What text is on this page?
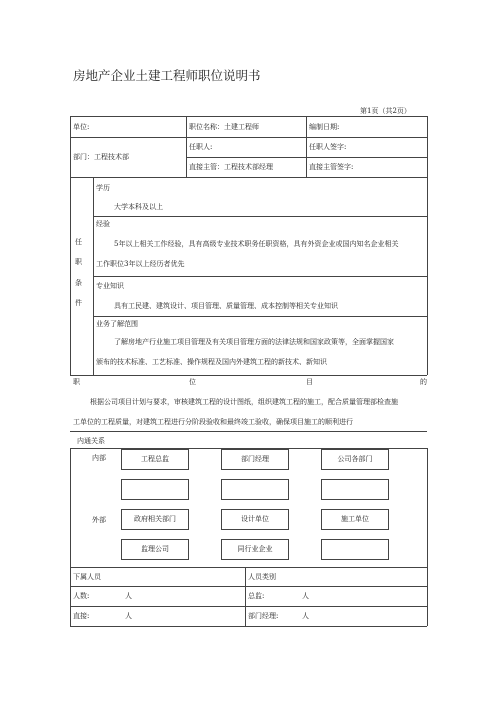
房地产企业土建工程师职位说明书
第1页（共2页）
单位:	职位名称：土建工程师	编制日期:
部门：工程技术部
任职人:	任职人签字:
直接主管：工程技术部经理	直接主管签字:
任
职
条
件
学历
大学本科及以上
经验
5年以上相关工作经验，具有高级专业技术职务任职资格，具有外资企业或国内知名企业相关
工作职位3年以上经历者优先
专业知识
具有工民建、建筑设计、项目管理、质量管理、成本控制等相关专业知识
业务了解范围
了解房地产行业施工项目管理及有关项目管理方面的法律法规和国家政策等，全面掌握国家
颁布的技术标准、工艺标准、操作规程及国内外建筑工程的新技术、新知识
职	位	目	的
根据公司项目计划与要求，审核建筑工程的设计图纸，组织建筑工程的施工，配合质量管理部检查施
工单位的工程质量，对建筑工程进行分阶段验收和最终竣工验收，确保项目施工的顺利进行
内通关系
内部
外部
工程总监	部门经理	公司各部门
政府相关部门	设计单位	施工单位
监理公司	同行业企业
下属人员	人员类别
人数:	人	总监:	人
直接:	人	部门经理:	人
